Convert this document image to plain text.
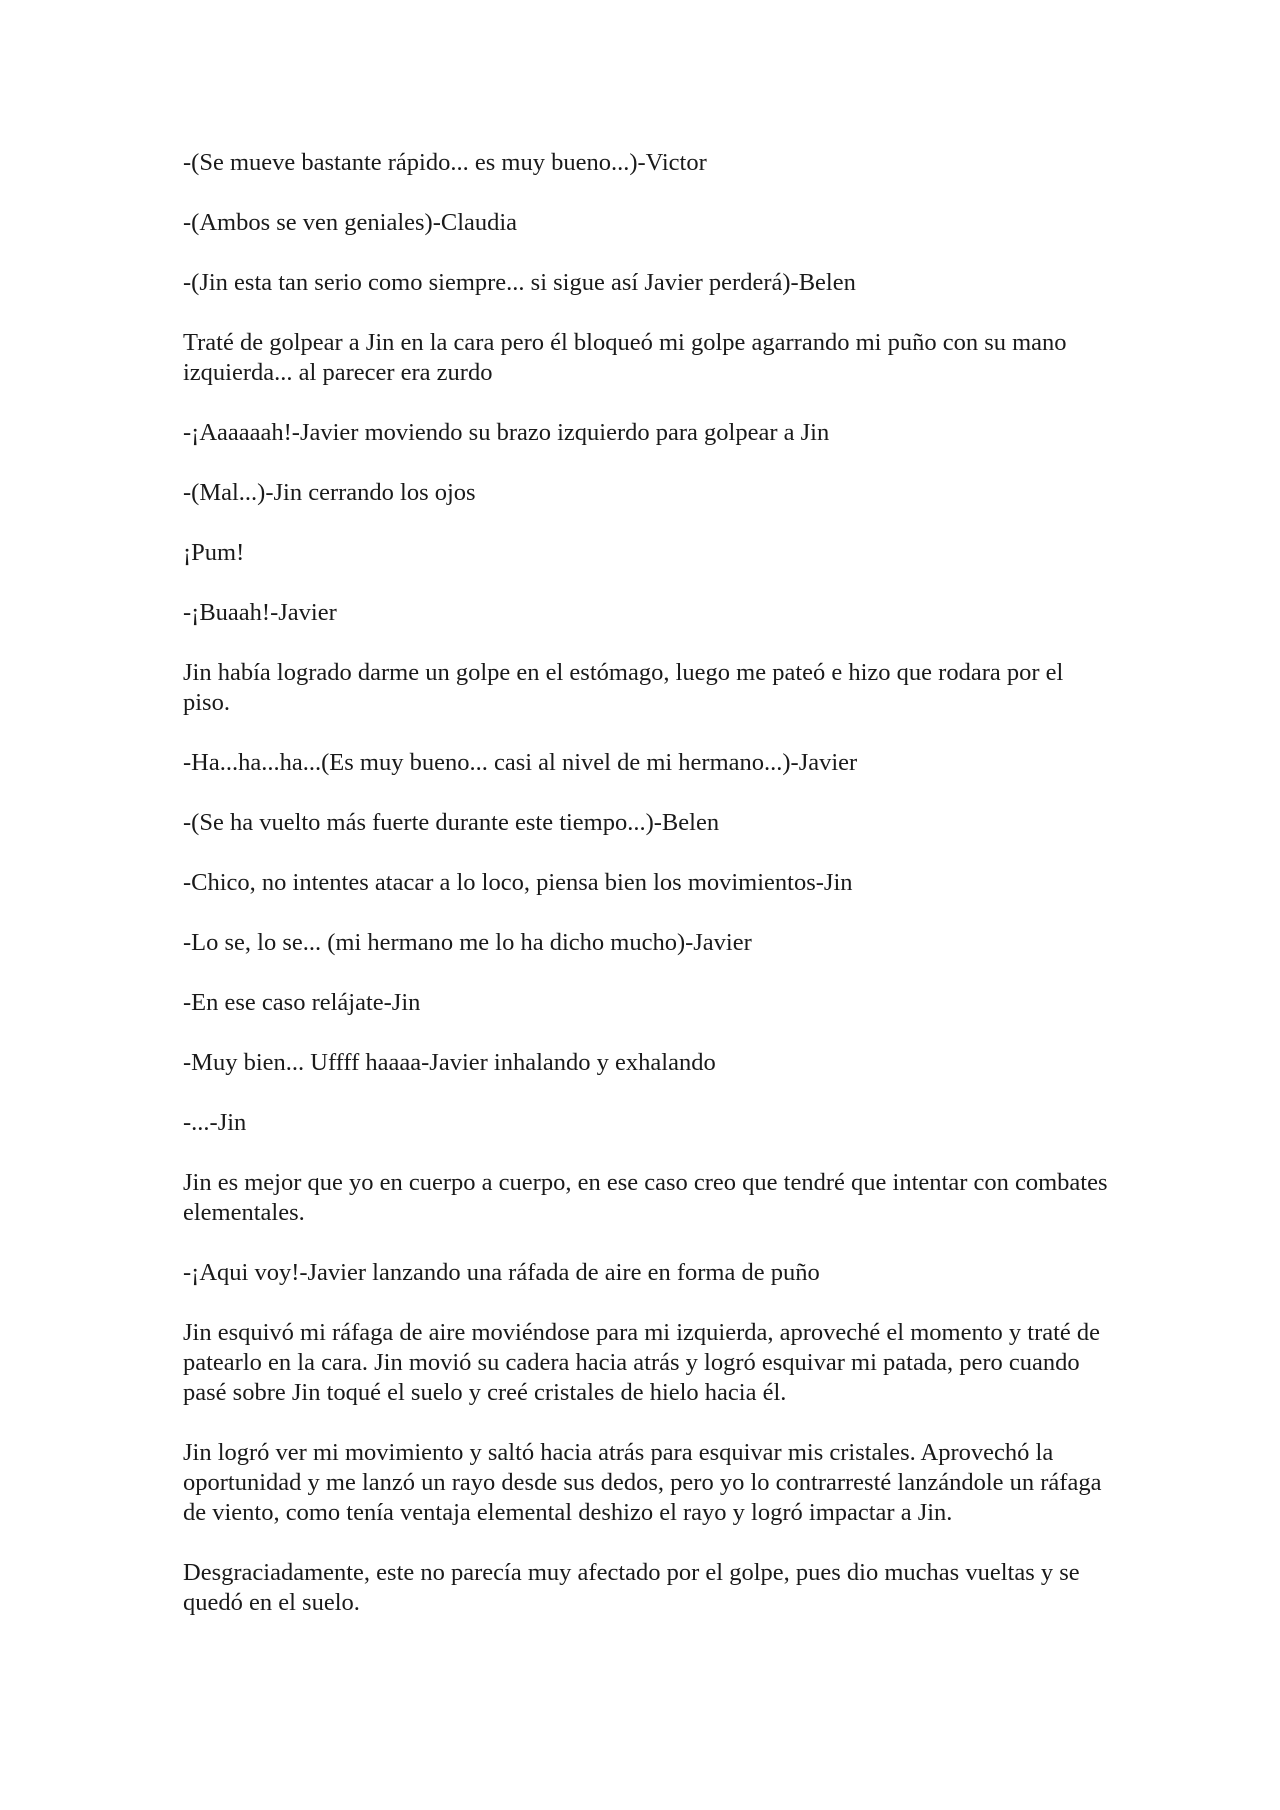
-(Se mueve bastante rápido... es muy bueno...)-Victor

-(Ambos se ven geniales)-Claudia

-(Jin esta tan serio como siempre... si sigue así Javier perderá)-Belen

Traté de golpear a Jin en la cara pero él bloqueó mi golpe agarrando mi puño con su mano izquierda... al parecer era zurdo

-¡Aaaaaah!-Javier moviendo su brazo izquierdo para golpear a Jin

-(Mal...)-Jin cerrando los ojos

¡Pum!

-¡Buaah!-Javier

Jin había logrado darme un golpe en el estómago, luego me pateó e hizo que rodara por el piso.

-Ha...ha...ha...(Es muy bueno... casi al nivel de mi hermano...)-Javier

-(Se ha vuelto más fuerte durante este tiempo...)-Belen

-Chico, no intentes atacar a lo loco, piensa bien los movimientos-Jin

-Lo se, lo se... (mi hermano me lo ha dicho mucho)-Javier

-En ese caso relájate-Jin

-Muy bien... Uffff haaaa-Javier inhalando y exhalando

-...-Jin

Jin es mejor que yo en cuerpo a cuerpo, en ese caso creo que tendré que intentar con combates elementales.

-¡Aqui voy!-Javier lanzando una ráfada de aire en forma de puño

Jin esquivó mi ráfaga de aire moviéndose para mi izquierda, aproveché el momento y traté de patearlo en la cara. Jin movió su cadera hacia atrás y logró esquivar mi patada, pero cuando pasé sobre Jin toqué el suelo y creé cristales de hielo hacia él.

Jin logró ver mi movimiento y saltó hacia atrás para esquivar mis cristales. Aprovechó la oportunidad y me lanzó un rayo desde sus dedos, pero yo lo contrarresté lanzándole un ráfaga de viento, como tenía ventaja elemental deshizo el rayo y logró impactar a Jin.

Desgraciadamente, este no parecía muy afectado por el golpe, pues dio muchas vueltas y se quedó en el suelo.
